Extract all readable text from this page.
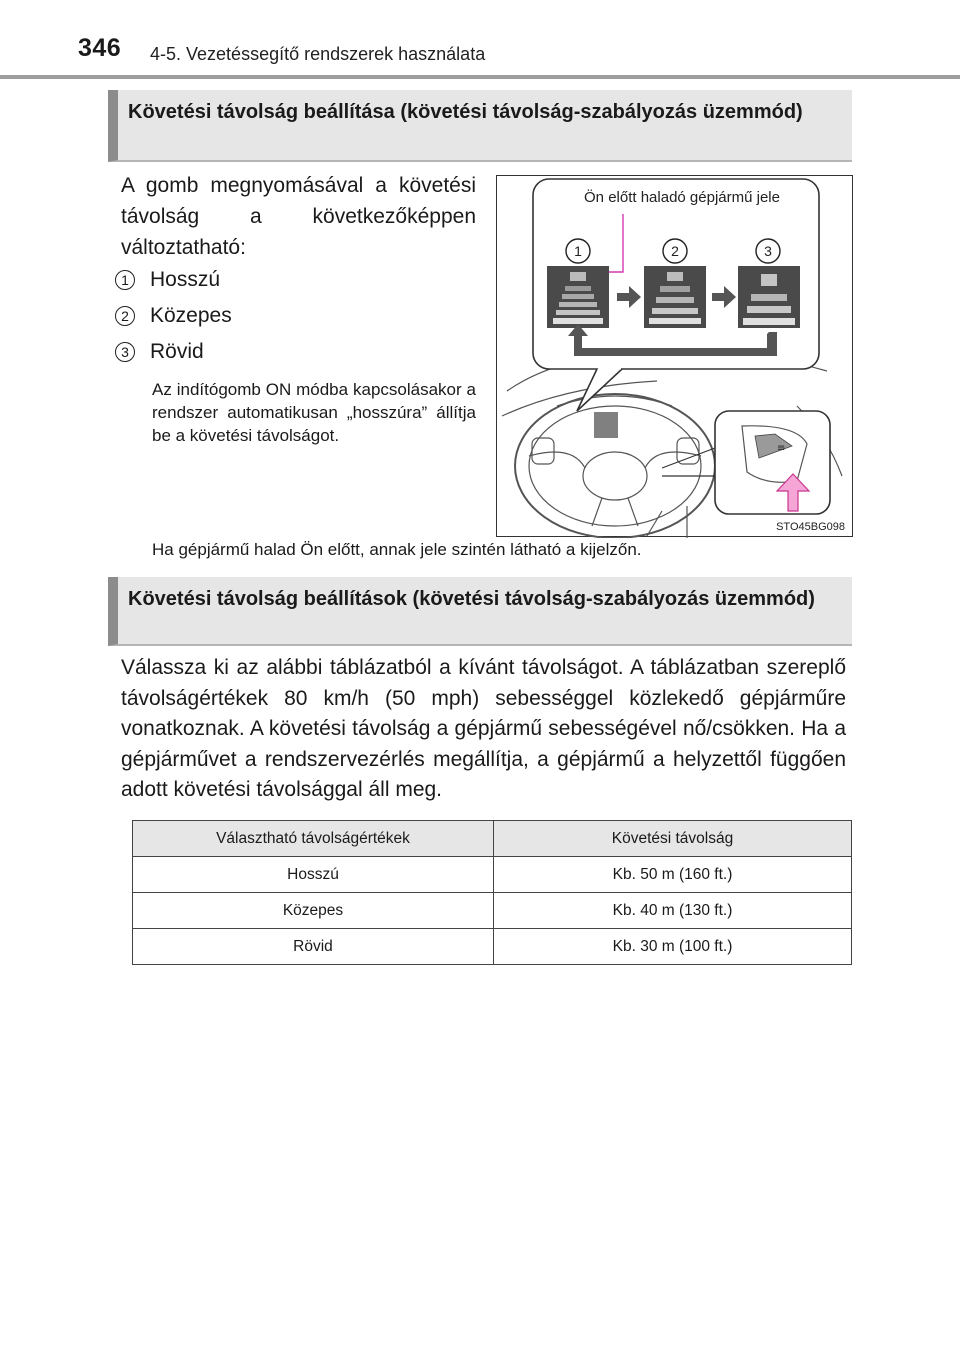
346 4-5. Vezetéssegítő rendszerek használata
Követési távolság beállítása (követési távolság-szabályozás üzemmód)
A gomb megnyomásával a követési távolság a következőképpen változtatható:
1 Hosszú
2 Közepes
3 Rövid
Az indítógomb ON módba kapcsolásakor a rendszer automatikusan „hosszúra” állítja be a követési távolságot.
1	2	3
≡
Ön előtt haladó gépjármű jele
STO45BG098
Ha gépjármű halad Ön előtt, annak jele szintén látható a kijelzőn.
Követési távolság beállítások (követési távolság-szabályozás üzemmód)
Válassza ki az alábbi táblázatból a kívánt távolságot. A táblázatban szereplő távolságértékek 80 km/h (50 mph) sebességgel közlekedő gépjárműre vonatkoznak. A követési távolság a gépjármű sebességével nő/csökken. Ha a gépjárművet a rendszervezérlés megállítja, a gépjármű a helyzettől függően adott követési távolsággal áll meg.
Választható távolságértékek	Követési távolság
Hosszú	Kb. 50 m (160 ft.)
Közepes	Kb. 40 m (130 ft.)
Rövid	Kb. 30 m (100 ft.)
